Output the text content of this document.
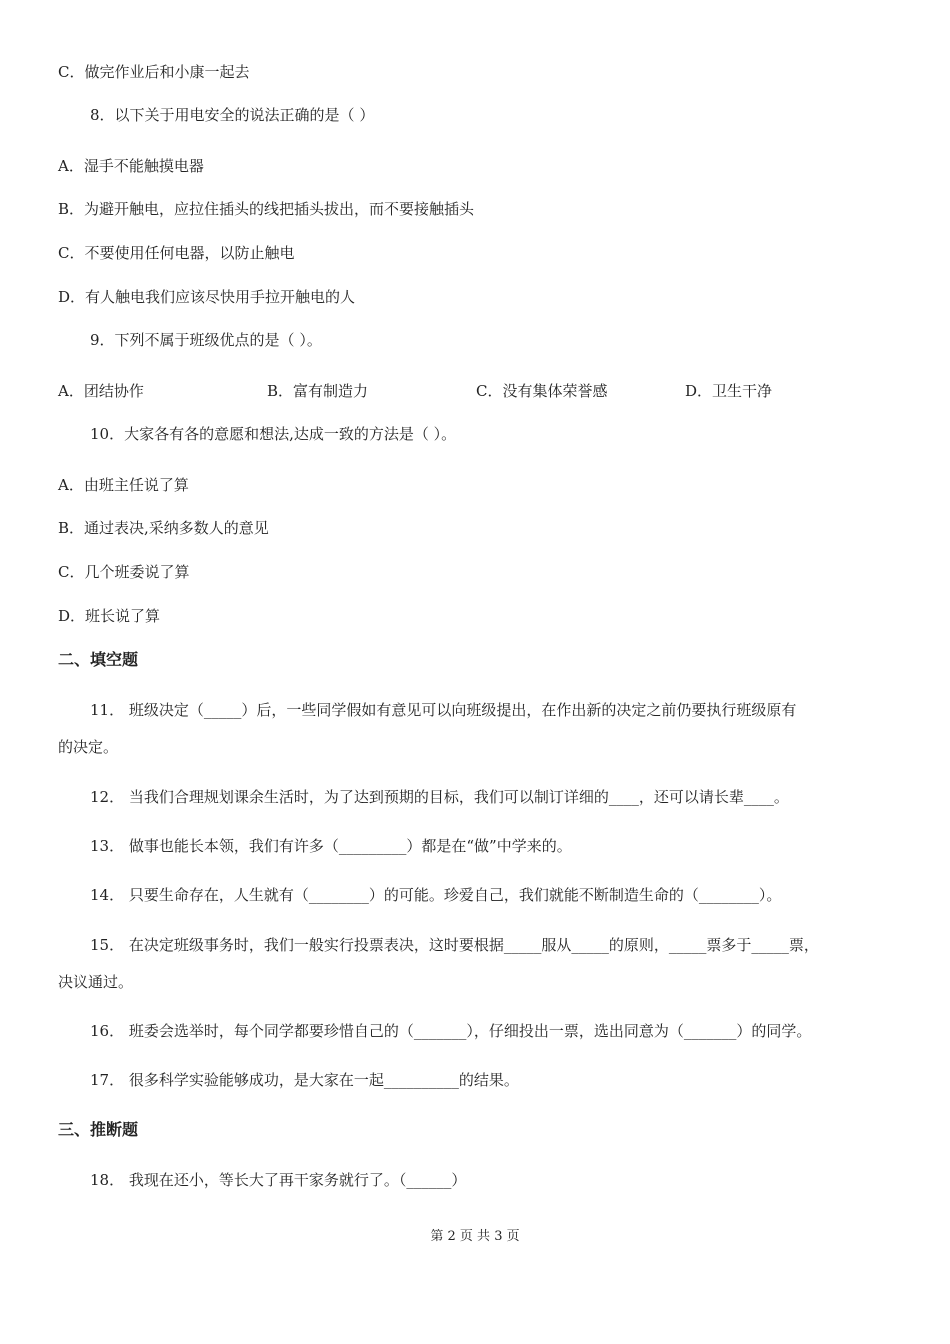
C．做完作业后和小康一起去
8．以下关于用电安全的说法正确的是（ ）
A．湿手不能触摸电器
B．为避开触电，应拉住插头的线把插头拔出，而不要接触插头
C．不要使用任何电器，以防止触电
D．有人触电我们应该尽快用手拉开触电的人
9．下列不属于班级优点的是（ ）。
A．团结协作	B．富有制造力	C．没有集体荣誉感	D．卫生干净
10．大家各有各的意愿和想法,达成一致的方法是（ ）。
A．由班主任说了算
B．通过表决,采纳多数人的意见
C．几个班委说了算
D．班长说了算
二、填空题
11． 班级决定（_____）后，一些同学假如有意见可以向班级提出，在作出新的决定之前仍要执行班级原有
的决定。
12． 当我们合理规划课余生活时，为了达到预期的目标，我们可以制订详细的____，还可以请长辈____。
13． 做事也能长本领，我们有许多（_________）都是在“做”中学来的。
14． 只要生命存在，人生就有（________）的可能。珍爱自己，我们就能不断制造生命的（________）。
15． 在决定班级事务时，我们一般实行投票表决，这时要根据_____服从_____的原则，_____票多于_____票，
决议通过。
16． 班委会选举时，每个同学都要珍惜自己的（_______），仔细投出一票，选出同意为（_______）的同学。
17． 很多科学实验能够成功，是大家在一起__________的结果。
三、推断题
18． 我现在还小，等长大了再干家务就行了。（______）
第 2 页 共 3 页
